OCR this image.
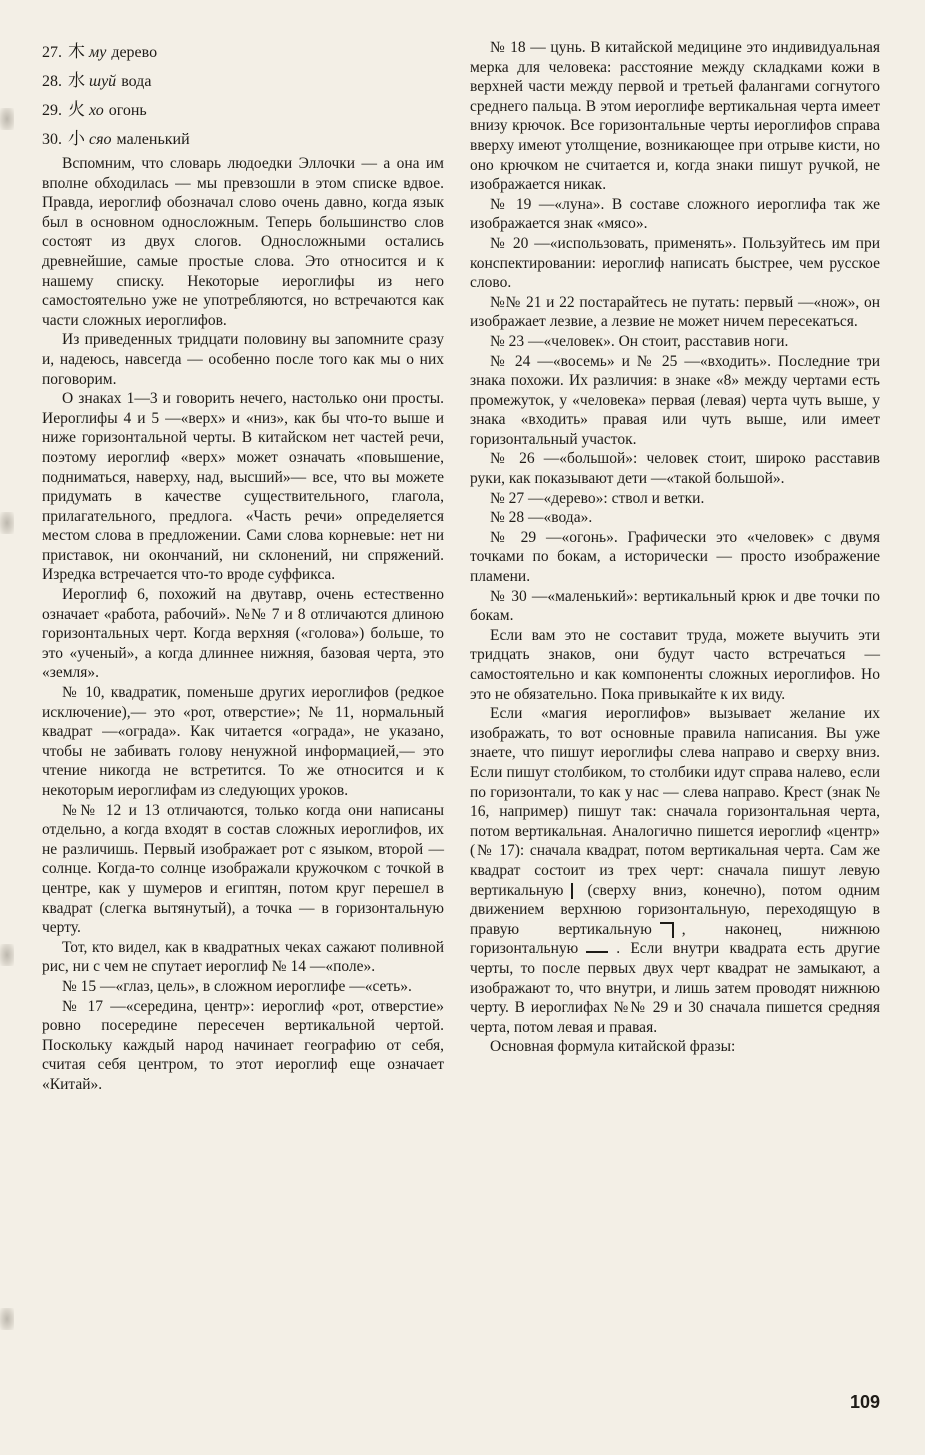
27. 木 му дерево
28. 水 шуй вода
29. 火 хо огонь
30. 小 сяо маленький

Вспомним, что словарь людоедки Эллочки — а она им вполне обходилась — мы превзошли в этом списке вдвое. Правда, иероглиф обозначал слово очень давно, когда язык был в основном односложным. Теперь большинство слов состоят из двух слогов. Односложными остались древнейшие, самые простые слова. Это относится и к нашему списку. Некоторые иероглифы из него самостоятельно уже не употребляются, но встречаются как части сложных иероглифов.

Из приведенных тридцати половину вы запомните сразу и, надеюсь, навсегда — особенно после того как мы о них поговорим.

О знаках 1—3 и говорить нечего, настолько они просты. Иероглифы 4 и 5 —«верх» и «низ», как бы что-то выше и ниже горизонтальной черты. В китайском нет частей речи, поэтому иероглиф «верх» может означать «повышение, подниматься, наверху, над, высший»— все, что вы можете придумать в качестве существительного, глагола, прилагательного, предлога. «Часть речи» определяется местом слова в предложении. Сами слова корневые: нет ни приставок, ни окончаний, ни склонений, ни спряжений. Изредка встречается что-то вроде суффикса.

Иероглиф 6, похожий на двутавр, очень естественно означает «работа, рабочий». №№ 7 и 8 отличаются длиною горизонтальных черт. Когда верхняя («голова») больше, то это «ученый», а когда длиннее нижняя, базовая черта, это «земля».

№ 10, квадратик, поменьше других иероглифов (редкое исключение),— это «рот, отверстие»; № 11, нормальный квадрат —«ограда». Как читается «ограда», не указано, чтобы не забивать голову ненужной информацией,— это чтение никогда не встретится. То же относится и к некоторым иероглифам из следующих уроков.

№№ 12 и 13 отличаются, только когда они написаны отдельно, а когда входят в состав сложных иероглифов, их не различишь. Первый изображает рот с языком, второй — солнце. Когда-то солнце изображали кружочком с точкой в центре, как у шумеров и египтян, потом круг перешел в квадрат (слегка вытянутый), а точка — в горизонтальную черту.

Тот, кто видел, как в квадратных чеках сажают поливной рис, ни с чем не спутает иероглиф № 14 —«поле».

№ 15 —«глаз, цель», в сложном иероглифе —«сеть».

№ 17 —«середина, центр»: иероглиф «рот, отверстие» ровно посередине пересечен вертикальной чертой. Поскольку каждый народ начинает географию от себя, считая себя центром, то этот иероглиф еще означает «Китай».

№ 18 — цунь. В китайской медицине это индивидуальная мерка для человека: расстояние между складками кожи в верхней части между первой и третьей фалангами согнутого среднего пальца. В этом иероглифе вертикальная черта имеет внизу крючок. Все горизонтальные черты иероглифов справа вверху имеют утолщение, возникающее при отрыве кисти, но оно крючком не считается и, когда знаки пишут ручкой, не изображается никак.

№ 19 —«луна». В составе сложного иероглифа так же изображается знак «мясо».

№ 20 —«использовать, применять». Пользуйтесь им при конспектировании: иероглиф написать быстрее, чем русское слово.

№№ 21 и 22 постарайтесь не путать: первый —«нож», он изображает лезвие, а лезвие не может ничем пересекаться.

№ 23 —«человек». Он стоит, расставив ноги.

№ 24 —«восемь» и № 25 —«входить». Последние три знака похожи. Их различия: в знаке «8» между чертами есть промежуток, у «человека» первая (левая) черта чуть выше, у знака «входить» правая или чуть выше, или имеет горизонтальный участок.

№ 26 —«большой»: человек стоит, широко расставив руки, как показывают дети —«такой большой».

№ 27 —«дерево»: ствол и ветки.

№ 28 —«вода».

№ 29 —«огонь». Графически это «человек» с двумя точками по бокам, а исторически — просто изображение пламени.

№ 30 —«маленький»: вертикальный крюк и две точки по бокам.

Если вам это не составит труда, можете выучить эти тридцать знаков, они будут часто встречаться — самостоятельно и как компоненты сложных иероглифов. Но это не обязательно. Пока привыкайте к их виду.

Если «магия иероглифов» вызывает желание их изображать, то вот основные правила написания. Вы уже знаете, что пишут иероглифы слева направо и сверху вниз. Если пишут столбиком, то столбики идут справа налево, если по горизонтали, то как у нас — слева направо. Крест (знак № 16, например) пишут так: сначала горизонтальная черта, потом вертикальная. Аналогично пишется иероглиф «центр» (№ 17): сначала квадрат, потом вертикальная черта. Сам же квадрат состоит из трех черт: сначала пишут левую вертикальную (сверху вниз, конечно), потом одним движением верхнюю горизонтальную, переходящую в правую вертикальную , наконец, нижнюю горизонтальную . Если внутри квадрата есть другие черты, то после первых двух черт квадрат не замыкают, а изображают то, что внутри, и лишь затем проводят нижнюю черту. В иероглифах №№ 29 и 30 сначала пишется средняя черта, потом левая и правая.

Основная формула китайской фразы:

109
